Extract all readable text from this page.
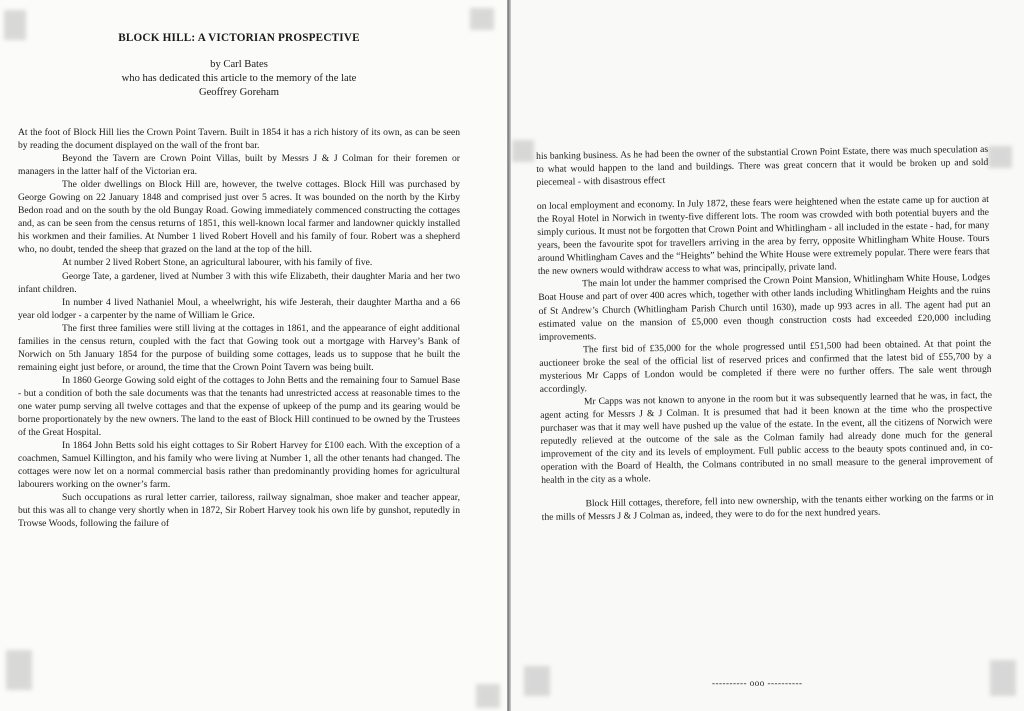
BLOCK HILL: A VICTORIAN PROSPECTIVE
by Carl Bates
who has dedicated this article to the memory of the late
Geoffrey Goreham

At the foot of Block Hill lies the Crown Point Tavern. Built in 1854 it has a rich history of its own, as can be seen by reading the document displayed on the wall of the front bar.

Beyond the Tavern are Crown Point Villas, built by Messrs J & J Colman for their foremen or managers in the latter half of the Victorian era.

The older dwellings on Block Hill are, however, the twelve cottages. Block Hill was purchased by George Gowing on 22 January 1848 and comprised just over 5 acres. It was bounded on the north by the Kirby Bedon road and on the south by the old Bungay Road. Gowing immediately commenced constructing the cottages and, as can be seen from the census returns of 1851, this well-known local farmer and landowner quickly installed his workmen and their families. At Number 1 lived Robert Hovell and his family of four. Robert was a shepherd who, no doubt, tended the sheep that grazed on the land at the top of the hill.

At number 2 lived Robert Stone, an agricultural labourer, with his family of five.

George Tate, a gardener, lived at Number 3 with this wife Elizabeth, their daughter Maria and her two infant children.

In number 4 lived Nathaniel Moul, a wheelwright, his wife Jesterah, their daughter Martha and a 66 year old lodger - a carpenter by the name of William le Grice.

The first three families were still living at the cottages in 1861, and the appearance of eight additional families in the census return, coupled with the fact that Gowing took out a mortgage with Harvey’s Bank of Norwich on 5th January 1854 for the purpose of building some cottages, leads us to suppose that he built the remaining eight just before, or around, the time that the Crown Point Tavern was being built.

In 1860 George Gowing sold eight of the cottages to John Betts and the remaining four to Samuel Base - but a condition of both the sale documents was that the tenants had unrestricted access at reasonable times to the one water pump serving all twelve cottages and that the expense of upkeep of the pump and its gearing would be borne proportionately by the new owners. The land to the east of Block Hill continued to be owned by the Trustees of the Great Hospital.

In 1864 John Betts sold his eight cottages to Sir Robert Harvey for £100 each. With the exception of a coachmen, Samuel Killington, and his family who were living at Number 1, all the other tenants had changed. The cottages were now let on a normal commercial basis rather than predominantly providing homes for agricultural labourers working on the owner’s farm.

Such occupations as rural letter carrier, tailoress, railway signalman, shoe maker and teacher appear, but this was all to change very shortly when in 1872, Sir Robert Harvey took his own life by gunshot, reputedly in Trowse Woods, following the failure of

his banking business. As he had been the owner of the substantial Crown Point Estate, there was much speculation as to what would happen to the land and buildings. There was great concern that it would be broken up and sold piecemeal - with disastrous effect

on local employment and economy. In July 1872, these fears were heightened when the estate came up for auction at the Royal Hotel in Norwich in twenty-five different lots. The room was crowded with both potential buyers and the simply curious. It must not be forgotten that Crown Point and Whitlingham - all included in the estate - had, for many years, been the favourite spot for travellers arriving in the area by ferry, opposite Whitlingham White House. Tours around Whitlingham Caves and the “Heights” behind the White House were extremely popular. There were fears that the new owners would withdraw access to what was, principally, private land.

The main lot under the hammer comprised the Crown Point Mansion, Whitlingham White House, Lodges Boat House and part of over 400 acres which, together with other lands including Whitlingham Heights and the ruins of St Andrew’s Church (Whitlingham Parish Church until 1630), made up 993 acres in all. The agent had put an estimated value on the mansion of £5,000 even though construction costs had exceeded £20,000 including improvements.

The first bid of £35,000 for the whole progressed until £51,500 had been obtained. At that point the auctioneer broke the seal of the official list of reserved prices and confirmed that the latest bid of £55,700 by a mysterious Mr Capps of London would be completed if there were no further offers. The sale went through accordingly.

Mr Capps was not known to anyone in the room but it was subsequently learned that he was, in fact, the agent acting for Messrs J & J Colman. It is presumed that had it been known at the time who the prospective purchaser was that it may well have pushed up the value of the estate. In the event, all the citizens of Norwich were reputedly relieved at the outcome of the sale as the Colman family had already done much for the general improvement of the city and its levels of employment. Full public access to the beauty spots continued and, in co-operation with the Board of Health, the Colmans contributed in no small measure to the general improvement of health in the city as a whole.

Block Hill cottages, therefore, fell into new ownership, with the tenants either working on the farms or in the mills of Messrs J & J Colman as, indeed, they were to do for the next hundred years.

---------- ooo ----------
